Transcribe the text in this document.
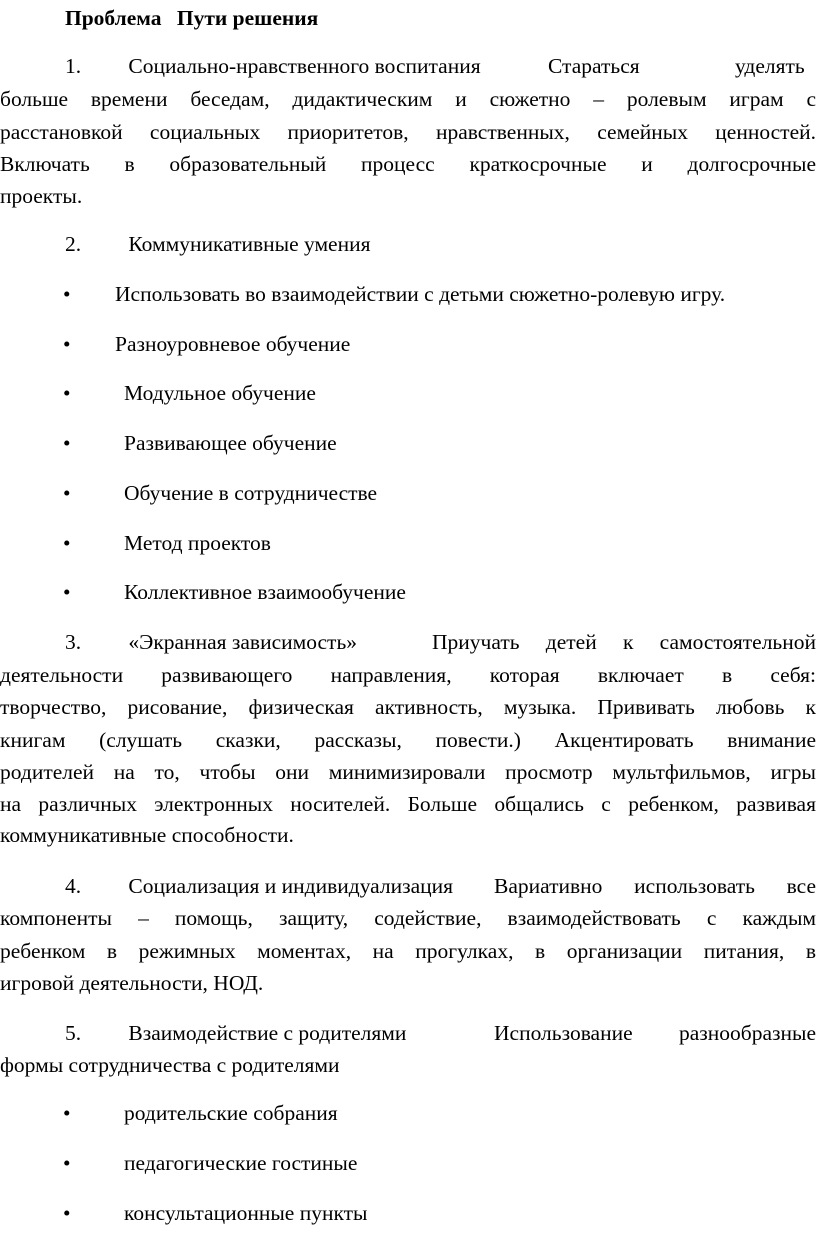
Проблема Пути решения
1. Социально-нравственного воспитания	Стараться	уделять
больше времени беседам, дидактическим и сюжетно – ролевым играм с
расстановкой социальных приоритетов, нравственных, семейных ценностей.
Включать в образовательный процесс краткосрочные и долгосрочные
проекты.
2. Коммуникативные умения
• Использовать во взаимодействии с детьми сюжетно-ролевую игру.
• Разноуровневое обучение
• Модульное обучение
• Развивающее обучение
• Обучение в сотрудничестве
• Метод проектов
• Коллективное взаимообучение
3. «Экранная зависимость»	Приучать детей к самостоятельной
деятельности развивающего направления, которая включает в себя:
творчество, рисование, физическая активность, музыка. Прививать любовь к
книгам (слушать сказки, рассказы, повести.) Акцентировать внимание
родителей на то, чтобы они минимизировали просмотр мультфильмов, игры
на различных электронных носителей. Больше общались с ребенком, развивая
коммуникативные способности.
4. Социализация и индивидуализация	Вариативно использовать все
компоненты – помощь, защиту, содействие, взаимодействовать с каждым
ребенком в режимных моментах, на прогулках, в организации питания, в
игровой деятельности, НОД.
5. Взаимодействие с родителями	Использование разнообразные
формы сотрудничества с родителями
• родительские собрания
• педагогические гостиные
• консультационные пункты
